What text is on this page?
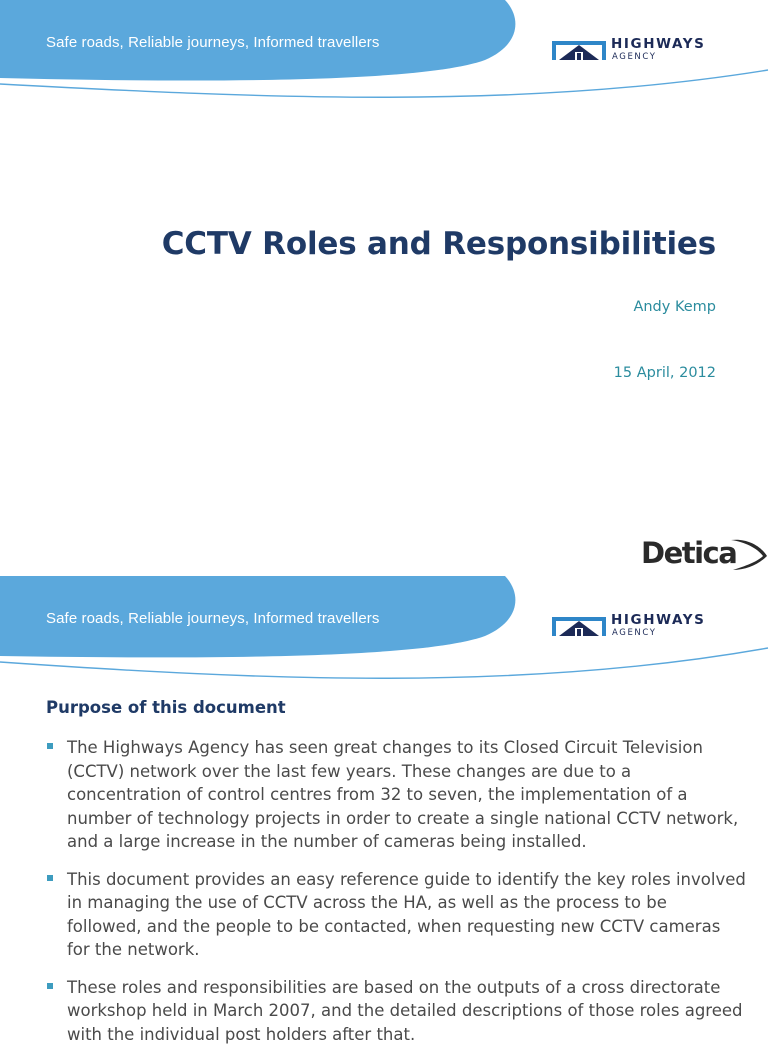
Safe roads, Reliable journeys, Informed travellers	HIGHWAYS
AGENCY
CCTV Roles and Responsibilities
Andy Kemp
15 April, 2012
Detica
Safe roads, Reliable journeys, Informed travellers	HIGHWAYS
AGENCY
Purpose of this document
The Highways Agency has seen great changes to its Closed Circuit Television (CCTV) network over the last few years. These changes are due to a concentration of control centres from 32 to seven, the implementation of a number of technology projects in order to create a single national CCTV network, and a large increase in the number of cameras being installed.
This document provides an easy reference guide to identify the key roles involved in managing the use of CCTV across the HA, as well as the process to be followed, and the people to be contacted, when requesting new CCTV cameras for the network.
These roles and responsibilities are based on the outputs of a cross directorate workshop held in March 2007, and the detailed descriptions of those roles agreed with the individual post holders after that.
